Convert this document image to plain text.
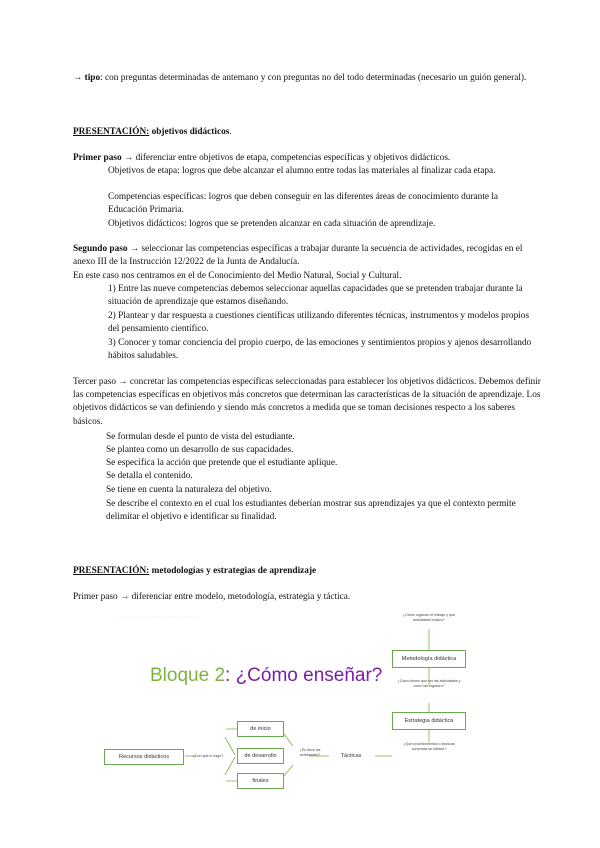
→ tipo: con preguntas determinadas de antemano y con preguntas no del todo determinadas (necesario un guión general).

PRESENTACIÓN: objetivos didácticos.

Primer paso → diferenciar entre objetivos de etapa, competencias específicas y objetivos didácticos.

Objetivos de etapa: logros que debe alcanzar el alumno entre todas las materiales al finalizar cada etapa.

Competencias específicas: logros que deben conseguir en las diferentes áreas de conocimiento durante la Educación Primaria.

Objetivos didácticos: logros que se pretenden alcanzar en cada situación de aprendizaje.

Segundo paso → seleccionar las competencias específicas a trabajar durante la secuencia de actividades, recogidas en el anexo III de la Instrucción 12/2022 de la Junta de Andalucía.

En este caso nos centramos en el de Conocimiento del Medio Natural, Social y Cultural.

1) Entre las nueve competencias debemos seleccionar aquellas capacidades que se pretenden trabajar durante la situación de aprendizaje que estamos diseñando.

2) Plantear y dar respuesta a cuestiones científicas utilizando diferentes técnicas, instrumentos y modelos propios del pensamiento científico.

3) Conocer y tomar conciencia del propio cuerpo, de las emociones y sentimientos propios y ajenos desarrollando hábitos saludables.

Tercer paso → concretar las competencias específicas seleccionadas para establecer los objetivos didácticos. Debemos definir las competencias específicas en objetivos más concretos que determinan las características de la situación de aprendizaje. Los objetivos didácticos se van definiendo y siendo más concretos a medida que se toman decisiones respecto a los saberes básicos.

Se formulan desde el punto de vista del estudiante.

Se plantea como un desarrollo de sus capacidades.

Se especifica la acción que pretende que el estudiante aplique.

Se detalla el contenido.

Se tiene en cuenta la naturaleza del objetivo.

Se describe el contexto en el cual los estudiantes deberían mostrar sus aprendizajes ya que el contexto permite delimitar el objetivo e identificar su finalidad.

PRESENTACIÓN: metodologías y estrategias de aprendizaje

Primer paso → diferenciar entre modelo, metodología, estrategia y táctica.

· · · · · · · · · · · · · · · · · · · · · · · · · · · · · ·	¿Cómo organizo el trabajo y qué actividades realizo?
Metodología didáctica
¿Cómo tienen que ser las actividades y cómo las organizo?
Estrategia didáctica
¿Qué procedimientos o técnicas concretas se utilizan?
Tácticas
¿Es decir las actividades?
de inicio
de desarrollo
finales
¿Con qué lo hago?
Recursos didácticos
Bloque 2: ¿Cómo enseñar?
